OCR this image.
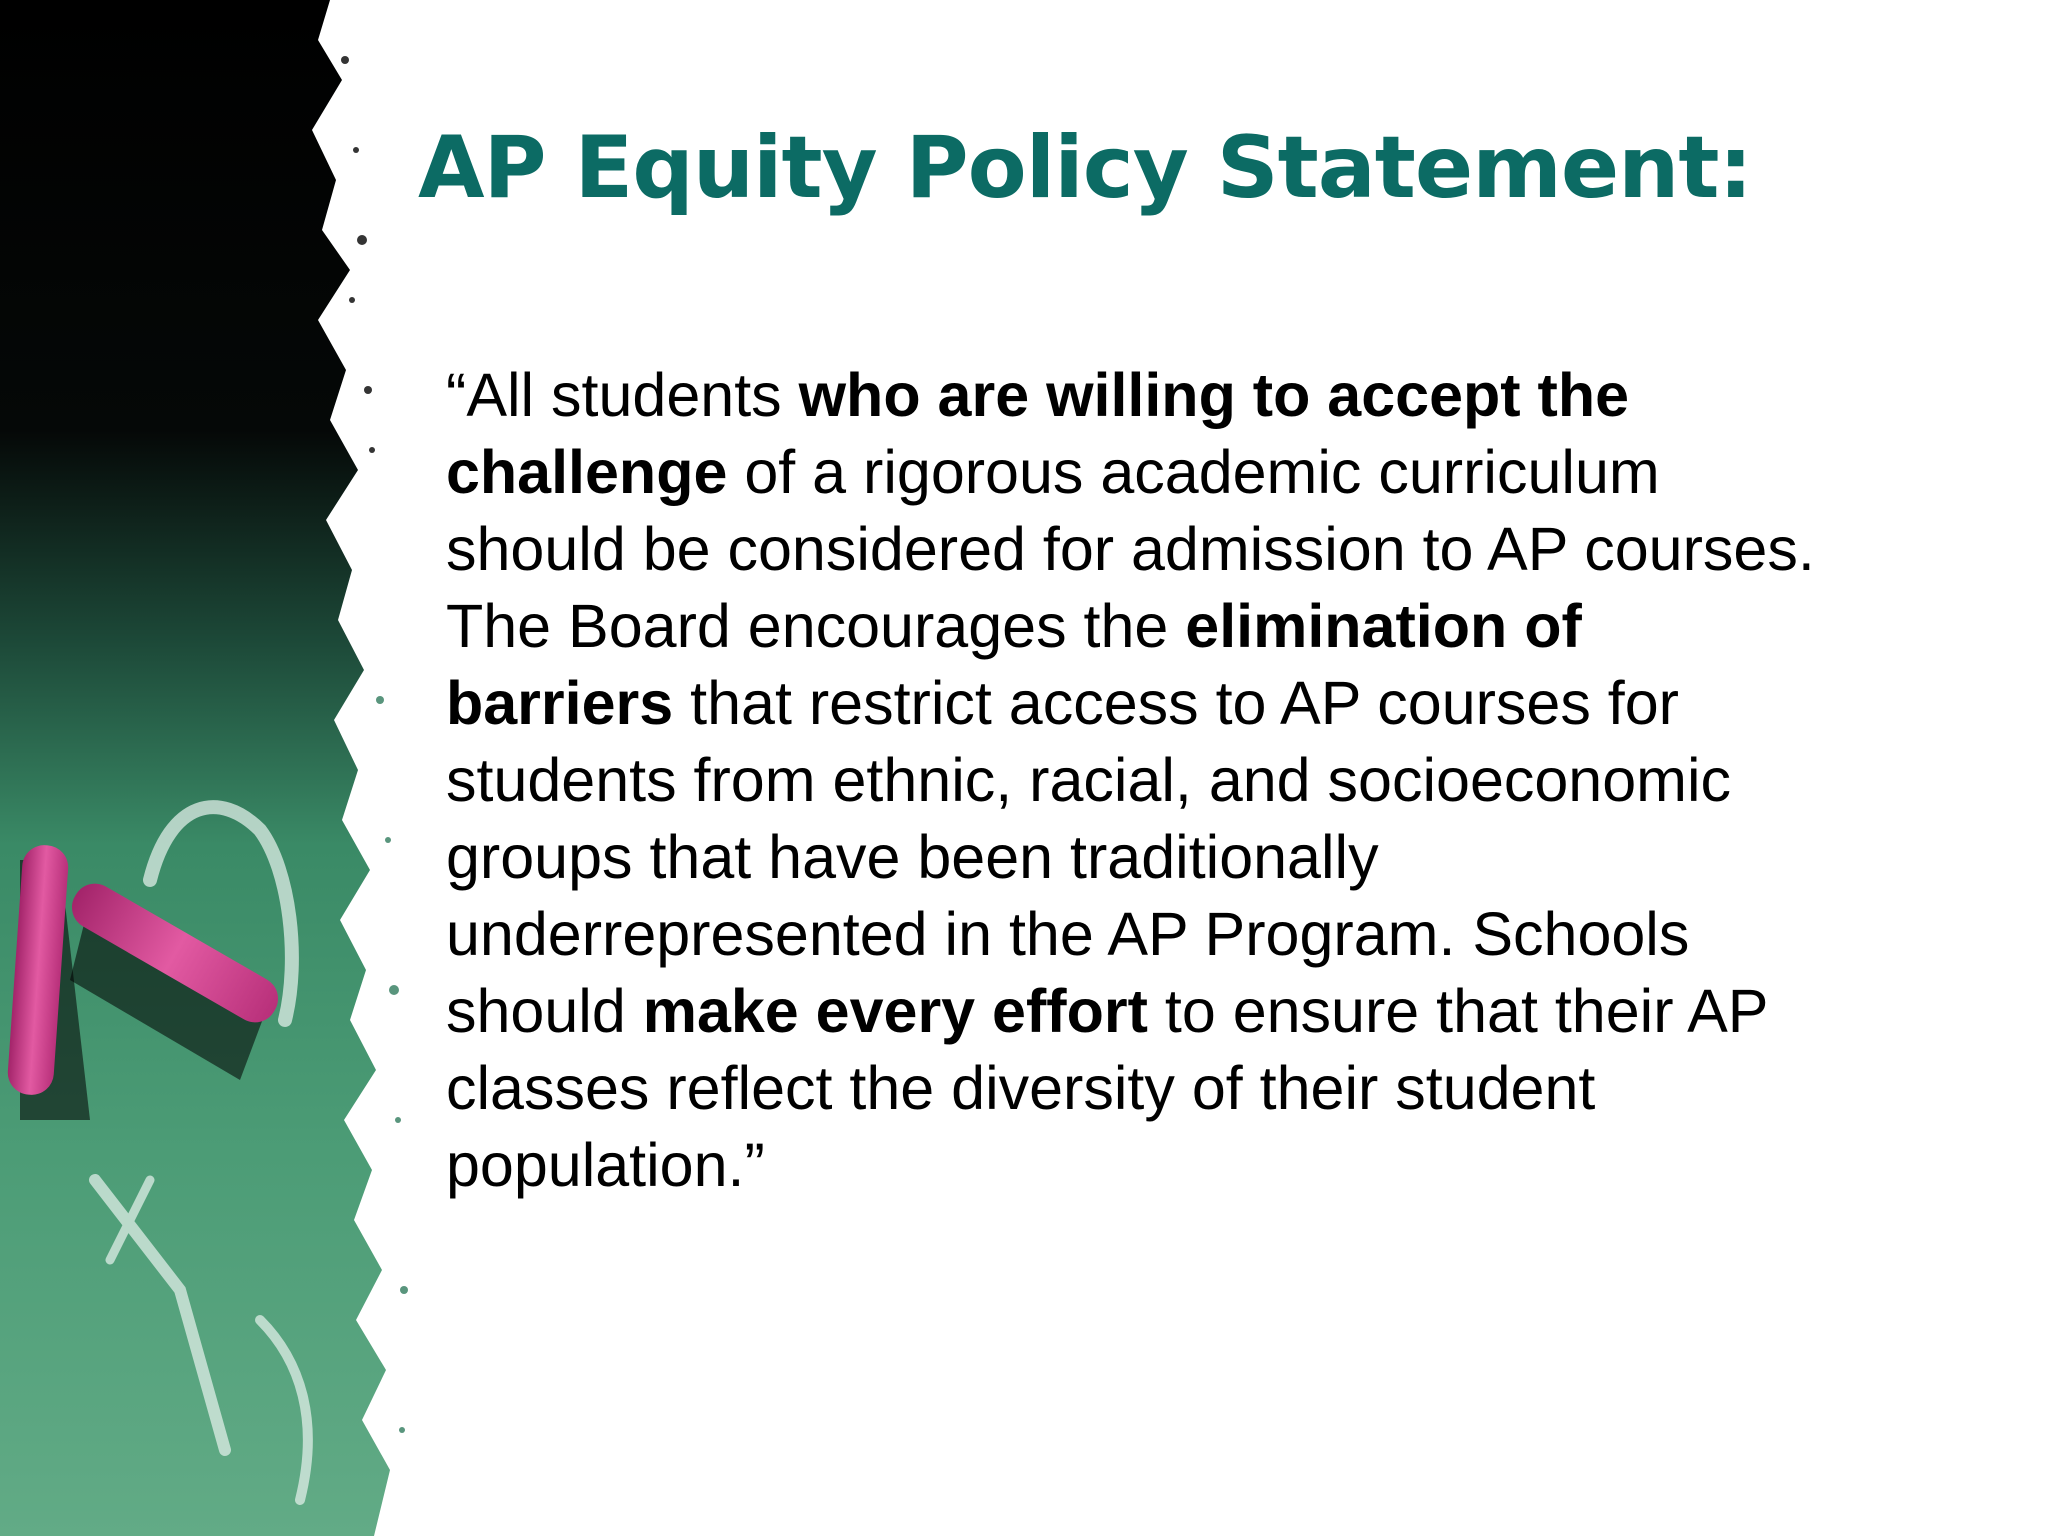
AP Equity Policy Statement:
“All students who are willing to accept the
challenge of a rigorous academic curriculum
should be considered for admission to AP courses.
The Board encourages the elimination of
barriers that restrict access to AP courses for
students from ethnic, racial, and socioeconomic
groups that have been traditionally
underrepresented in the AP Program. Schools
should make every effort to ensure that their AP
classes reflect the diversity of their student
population.”
